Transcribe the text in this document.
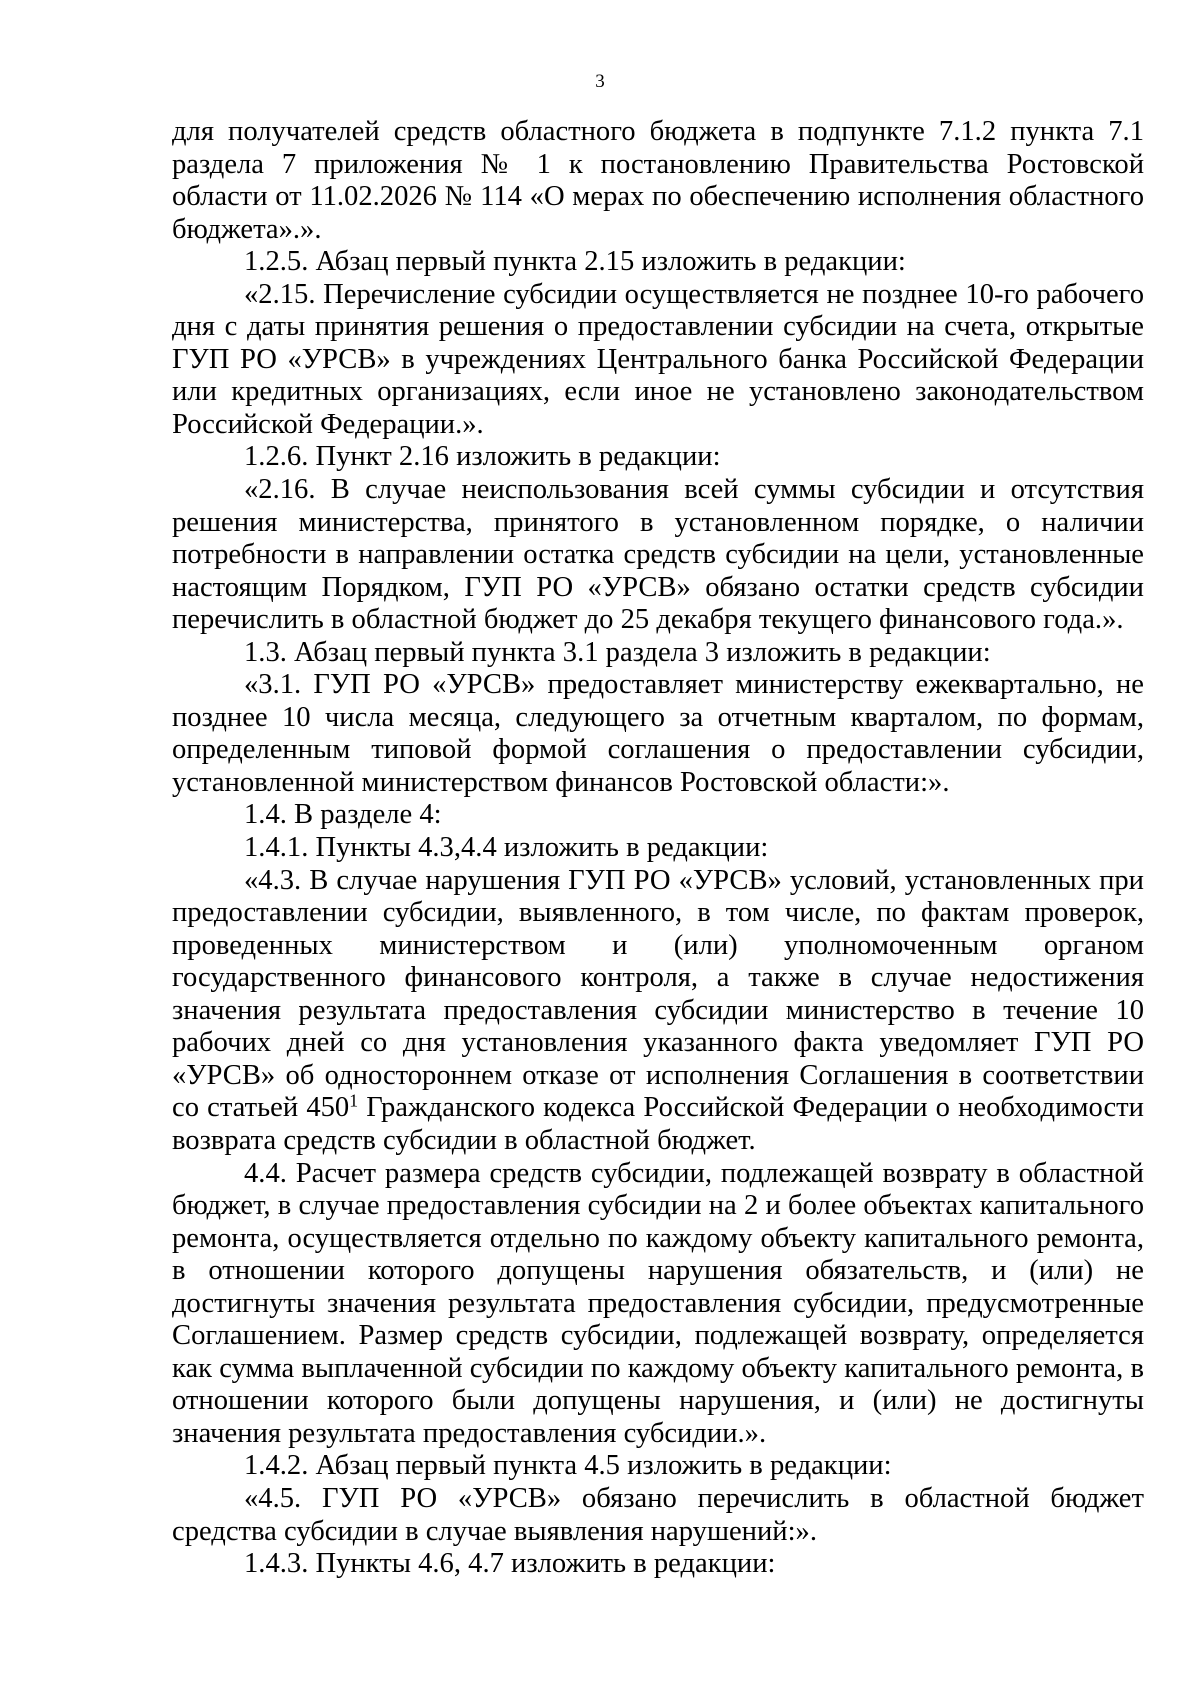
3

для получателей средств областного бюджета в подпункте 7.1.2 пункта 7.1 раздела 7 приложения № 1 к постановлению Правительства Ростовской области от 11.02.2026 № 114 «О мерах по обеспечению исполнения областного бюджета».».

1.2.5. Абзац первый пункта 2.15 изложить в редакции:

«2.15. Перечисление субсидии осуществляется не позднее 10-го рабочего дня с даты принятия решения о предоставлении субсидии на счета, открытые ГУП РО «УРСВ» в учреждениях Центрального банка Российской Федерации или кредитных организациях, если иное не установлено законодательством Российской Федерации.».

1.2.6. Пункт 2.16 изложить в редакции:

«2.16. В случае неиспользования всей суммы субсидии и отсутствия решения министерства, принятого в установленном порядке, о наличии потребности в направлении остатка средств субсидии на цели, установленные настоящим Порядком, ГУП РО «УРСВ» обязано остатки средств субсидии перечислить в областной бюджет до 25 декабря текущего финансового года.».

1.3. Абзац первый пункта 3.1 раздела 3 изложить в редакции:

«3.1. ГУП РО «УРСВ» предоставляет министерству ежеквартально, не позднее 10 числа месяца, следующего за отчетным кварталом, по формам, определенным типовой формой соглашения о предоставлении субсидии, установленной министерством финансов Ростовской области:».

1.4. В разделе 4:

1.4.1. Пункты 4.3,4.4 изложить в редакции:

«4.3. В случае нарушения ГУП РО «УРСВ» условий, установленных при предоставлении субсидии, выявленного, в том числе, по фактам проверок, проведенных министерством и (или) уполномоченным органом государственного финансового контроля, а также в случае недостижения значения результата предоставления субсидии министерство в течение 10 рабочих дней со дня установления указанного факта уведомляет ГУП РО «УРСВ» об одностороннем отказе от исполнения Соглашения в соответствии со статьей $450^1$ Гражданского кодекса Российской Федерации о необходимости возврата средств субсидии в областной бюджет.

4.4. Расчет размера средств субсидии, подлежащей возврату в областной бюджет, в случае предоставления субсидии на 2 и более объектах капитального ремонта, осуществляется отдельно по каждому объекту капитального ремонта, в отношении которого допущены нарушения обязательств, и (или) не достигнуты значения результата предоставления субсидии, предусмотренные Соглашением. Размер средств субсидии, подлежащей возврату, определяется как сумма выплаченной субсидии по каждому объекту капитального ремонта, в отношении которого были допущены нарушения, и (или) не достигнуты значения результата предоставления субсидии.».

1.4.2. Абзац первый пункта 4.5 изложить в редакции:

«4.5. ГУП РО «УРСВ» обязано перечислить в областной бюджет средства субсидии в случае выявления нарушений:».

1.4.3. Пункты 4.6, 4.7 изложить в редакции:
